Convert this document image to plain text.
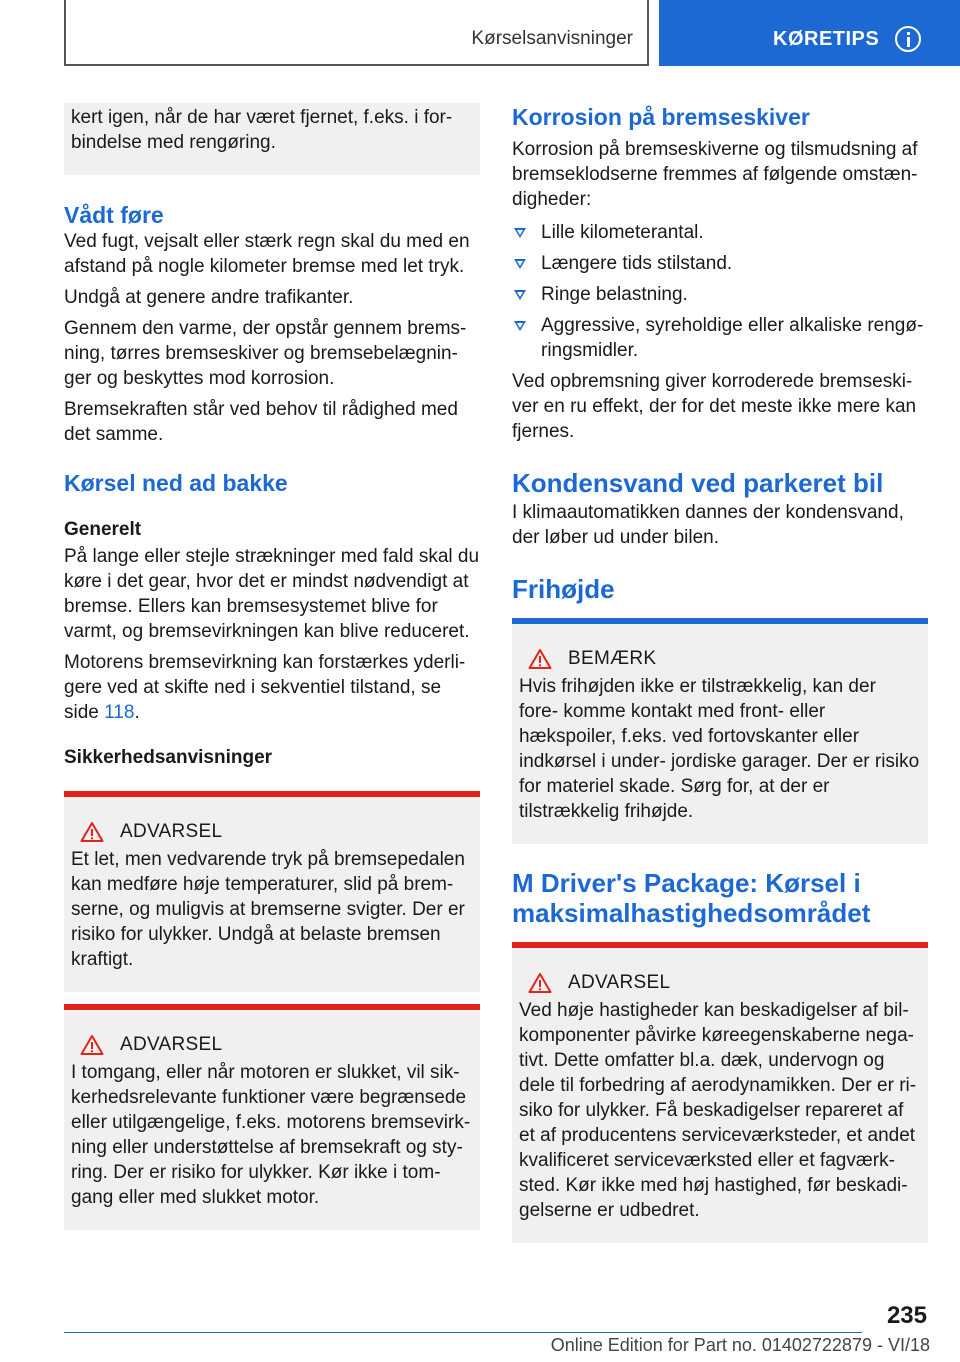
Kørselsanvisninger	KØRETIPS

kert igen, når de har været fjernet, f.eks. i for- bindelse med rengøring.

Vådt føre

Ved fugt, vejsalt eller stærk regn skal du med en afstand på nogle kilometer bremse med let tryk.

Undgå at genere andre trafikanter.

Gennem den varme, der opstår gennem brems- ning, tørres bremseskiver og bremsebelægnin- ger og beskyttes mod korrosion.

Bremsekraften står ved behov til rådighed med det samme.

Kørsel ned ad bakke
Generelt

På lange eller stejle strækninger med fald skal du køre i det gear, hvor det er mindst nødvendigt at bremse. Ellers kan bremsesystemet blive for varmt, og bremsevirkningen kan blive reduceret.

Motorens bremsevirkning kan forstærkes yderli- gere ved at skifte ned i sekventiel tilstand, se side 118.

Sikkerhedsanvisninger
ADVARSEL

Et let, men vedvarende tryk på bremsepedalen kan medføre høje temperaturer, slid på brem- serne, og muligvis at bremserne svigter. Der er risiko for ulykker. Undgå at belaste bremsen kraftigt.

ADVARSEL

I tomgang, eller når motoren er slukket, vil sik- kerhedsrelevante funktioner være begrænsede eller utilgængelige, f.eks. motorens bremsevirk- ning eller understøttelse af bremsekraft og sty- ring. Der er risiko for ulykker. Kør ikke i tom- gang eller med slukket motor.

Korrosion på bremseskiver

Korrosion på bremseskiverne og tilsmudsning af bremseklodserne fremmes af følgende omstæn- digheder:

Lille kilometerantal.
Længere tids stilstand.
Ringe belastning.
Aggressive, syreholdige eller alkaliske rengø- ringsmidler.

Ved opbremsning giver korroderede bremseski- ver en ru effekt, der for det meste ikke mere kan fjernes.

Kondensvand ved parkeret bil

I klimaautomatikken dannes der kondensvand, der løber ud under bilen.

Frihøjde
BEMÆRK

Hvis frihøjden ikke er tilstrækkelig, kan der fore- komme kontakt med front- eller hækspoiler, f.eks. ved fortovskanter eller indkørsel i under- jordiske garager. Der er risiko for materiel skade. Sørg for, at der er tilstrækkelig frihøjde.

M Driver's Package: Kørsel i maksimalhastighedsområdet
ADVARSEL

Ved høje hastigheder kan beskadigelser af bil- komponenter påvirke køreegenskaberne nega- tivt. Dette omfatter bl.a. dæk, undervogn og dele til forbedring af aerodynamikken. Der er ri- siko for ulykker. Få beskadigelser repareret af et af producentens serviceværksteder, et andet kvalificeret serviceværksted eller et fagværk- sted. Kør ikke med høj hastighed, før beskadi- gelserne er udbedret.

235
Online Edition for Part no. 01402722879 - VI/18
